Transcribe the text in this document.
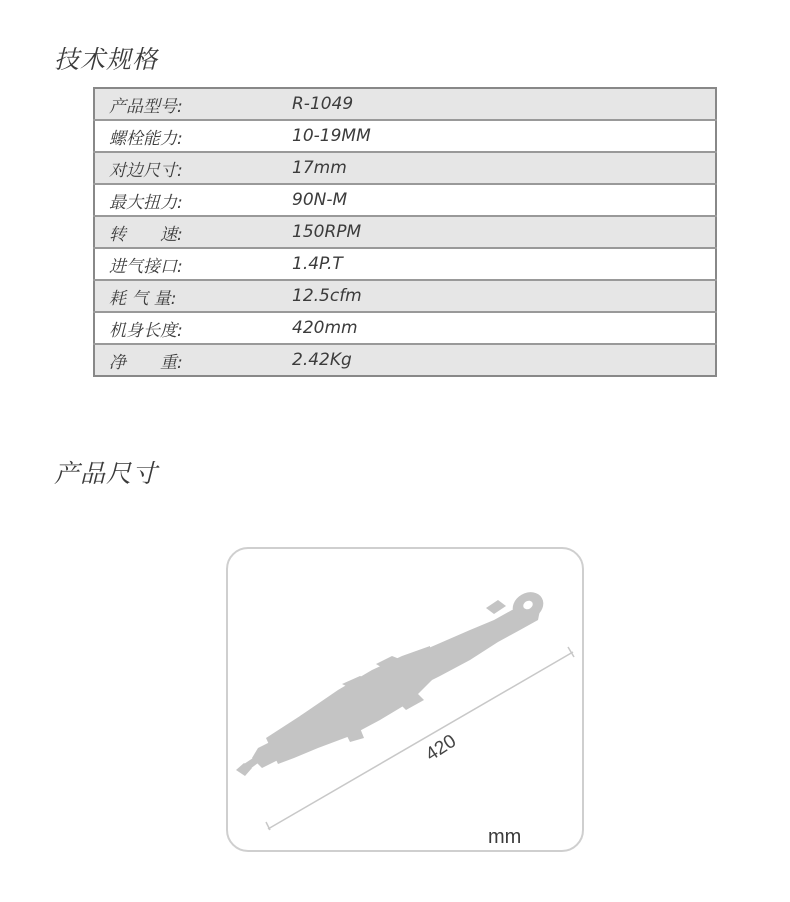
技术规格
产品型号:	R-1049
螺栓能力:	10-19MM
对边尺寸:	17mm
最大扭力:	90N-M
转　　速:	150RPM
进气接口:	1.4P.T
耗 气 量:	12.5cfm
机身长度:	420mm
净　　重:	2.42Kg
产品尺寸

420

mm
